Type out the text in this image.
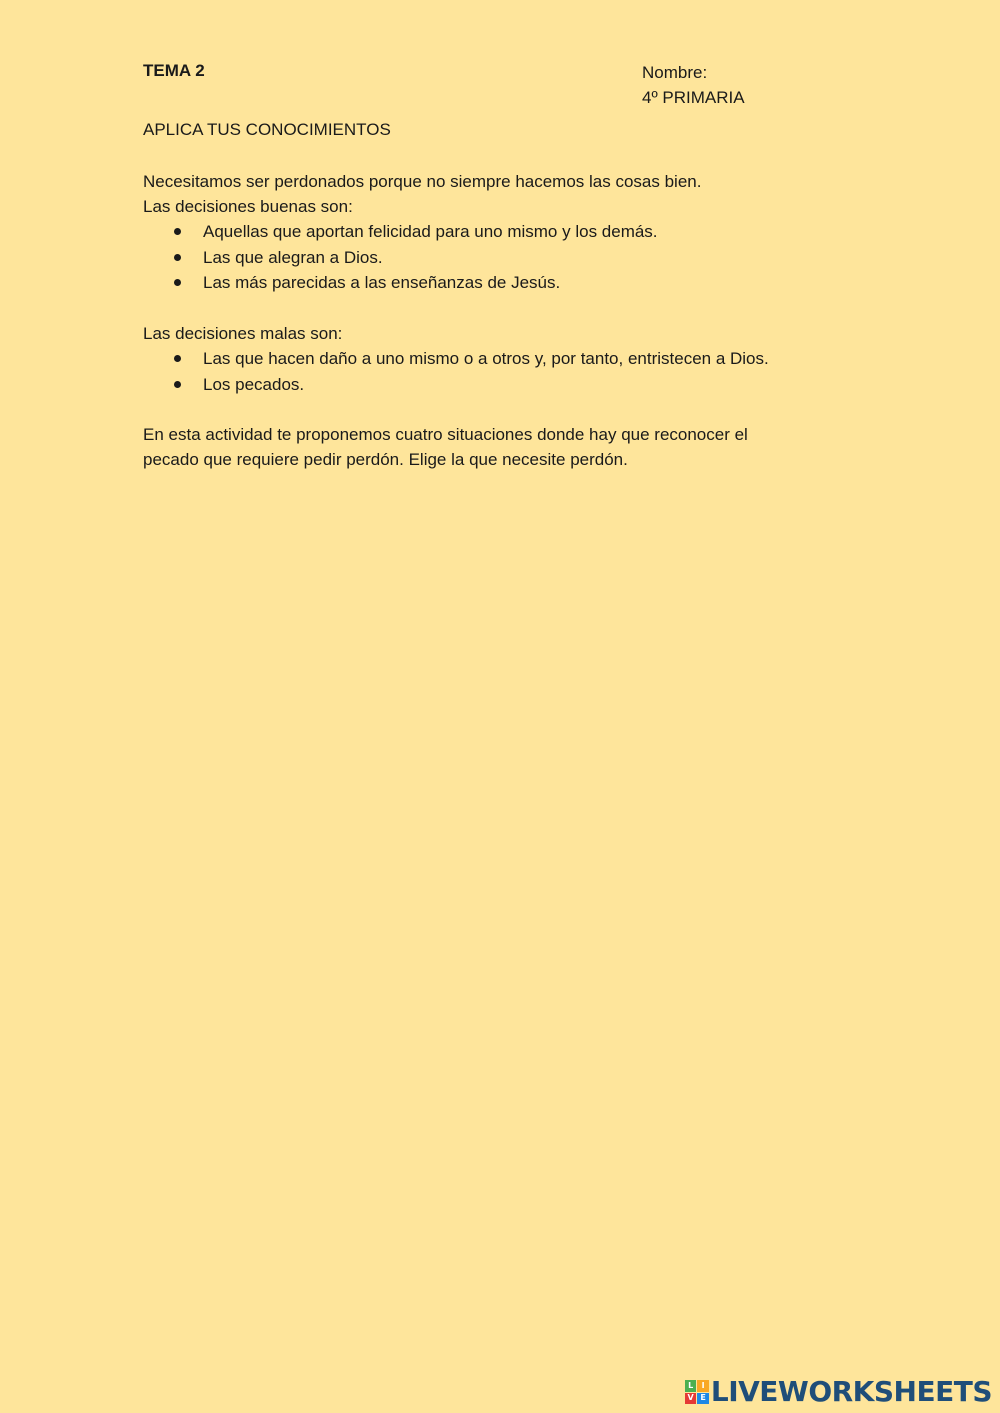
TEMA 2	Nombre:
4º PRIMARIA
APLICA TUS CONOCIMIENTOS

Necesitamos ser perdonados porque no siempre hacemos las cosas bien.

Las decisiones buenas son:

Aquellas que aportan felicidad para uno mismo y los demás.
Las que alegran a Dios.
Las más parecidas a las enseñanzas de Jesús.

Las decisiones malas son:

Las que hacen daño a uno mismo o a otros y, por tanto, entristecen a Dios.
Los pecados.

En esta actividad te proponemos cuatro situaciones donde hay que reconocer el

pecado que requiere pedir perdón. Elige la que necesite perdón.

L	I
V E LIVEWORKSHEETS
